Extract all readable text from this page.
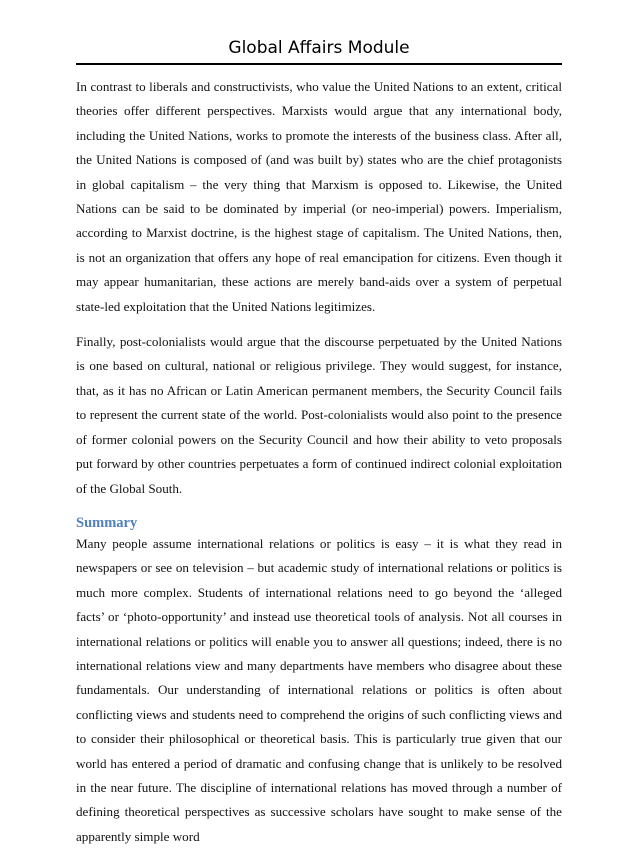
Global Affairs Module

In contrast to liberals and constructivists, who value the United Nations to an extent, critical theories offer different perspectives. Marxists would argue that any international body, including the United Nations, works to promote the interests of the business class. After all, the United Nations is composed of (and was built by) states who are the chief protagonists in global capitalism – the very thing that Marxism is opposed to. Likewise, the United Nations can be said to be dominated by imperial (or neo-imperial) powers. Imperialism, according to Marxist doctrine, is the highest stage of capitalism. The United Nations, then, is not an organization that offers any hope of real emancipation for citizens. Even though it may appear humanitarian, these actions are merely band-aids over a system of perpetual state-led exploitation that the United Nations legitimizes.

Finally, post-colonialists would argue that the discourse perpetuated by the United Nations is one based on cultural, national or religious privilege. They would suggest, for instance, that, as it has no African or Latin American permanent members, the Security Council fails to represent the current state of the world. Post-colonialists would also point to the presence of former colonial powers on the Security Council and how their ability to veto proposals put forward by other countries perpetuates a form of continued indirect colonial exploitation of the Global South.

Summary

Many people assume international relations or politics is easy – it is what they read in newspapers or see on television – but academic study of international relations or politics is much more complex. Students of international relations need to go beyond the ‘alleged facts’ or ‘photo-opportunity’ and instead use theoretical tools of analysis. Not all courses in international relations or politics will enable you to answer all questions; indeed, there is no international relations view and many departments have members who disagree about these fundamentals. Our understanding of international relations or politics is often about conflicting views and students need to comprehend the origins of such conflicting views and to consider their philosophical or theoretical basis. This is particularly true given that our world has entered a period of dramatic and confusing change that is unlikely to be resolved in the near future. The discipline of international relations has moved through a number of defining theoretical perspectives as successive scholars have sought to make sense of the apparently simple word
